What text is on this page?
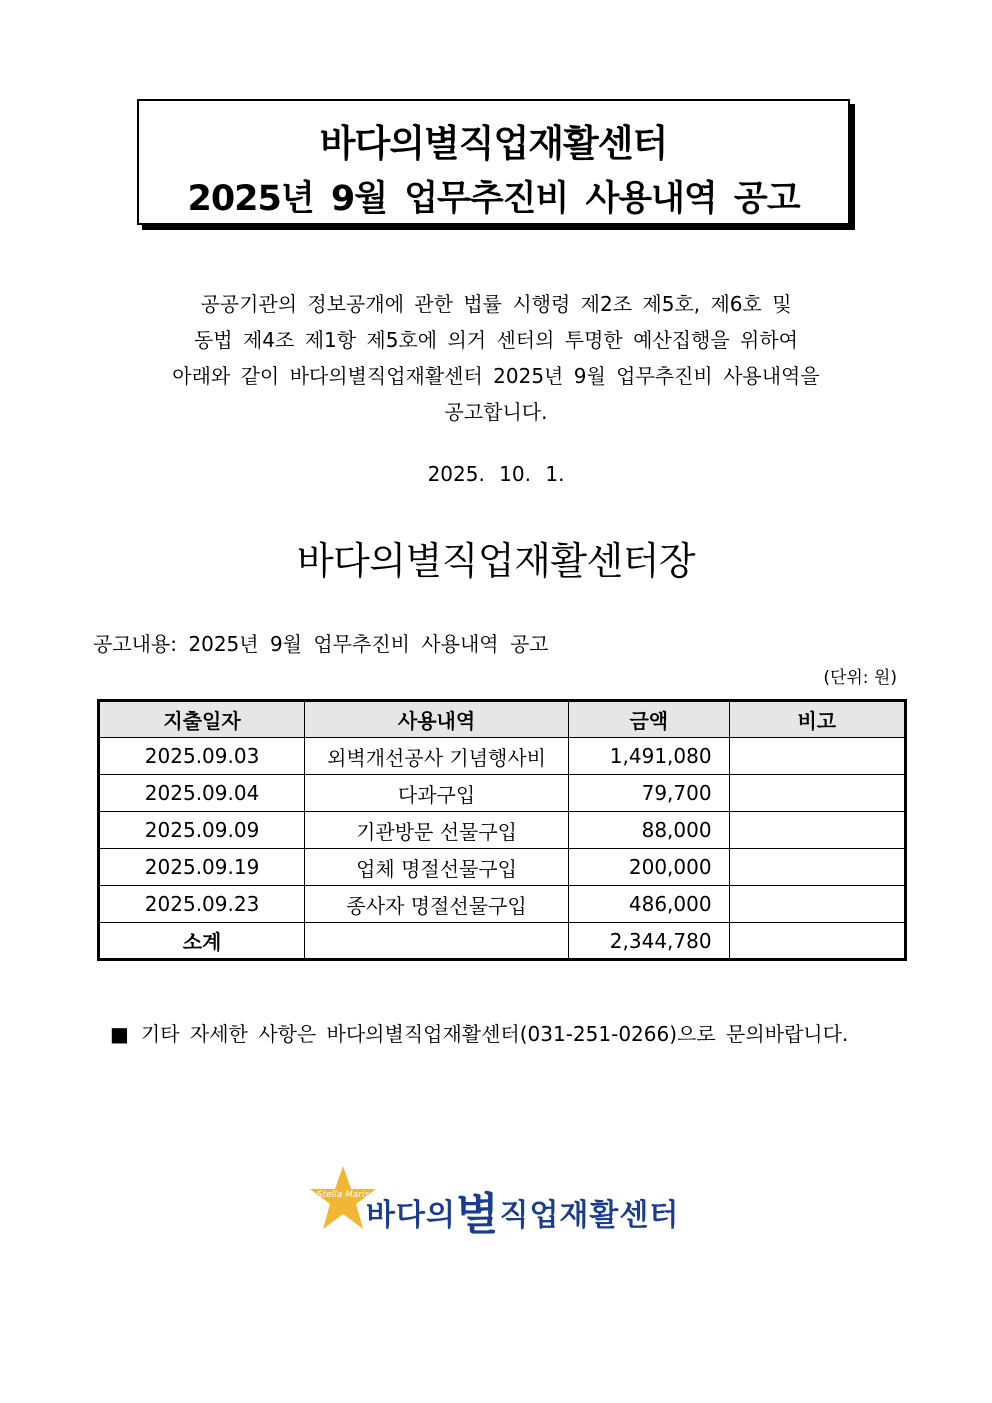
바다의별직업재활센터
2025년 9월 업무추진비 사용내역 공고
공공기관의 정보공개에 관한 법률 시행령 제2조 제5호, 제6호 및
동법 제4조 제1항 제5호에 의거 센터의 투명한 예산집행을 위하여
아래와 같이 바다의별직업재활센터 2025년 9월 업무추진비 사용내역을
공고합니다.
2025. 10. 1.
바다의별직업재활센터장
공고내용: 2025년 9월 업무추진비 사용내역 공고
(단위: 원)
지출일자	사용내역	금액	비고
2025.09.03	외벽개선공사 기념행사비	1,491,080	
2025.09.04	다과구입	79,700	
2025.09.09	기관방문 선물구입	88,000	
2025.09.19	업체 명절선물구입	200,000	
2025.09.23	종사자 명절선물구입	486,000	
소계		2,344,780	
■ 기타 자세한 사항은 바다의별직업재활센터(031-251-0266)으로 문의바랍니다.
Stella Maris
바다의별직업재활센터
